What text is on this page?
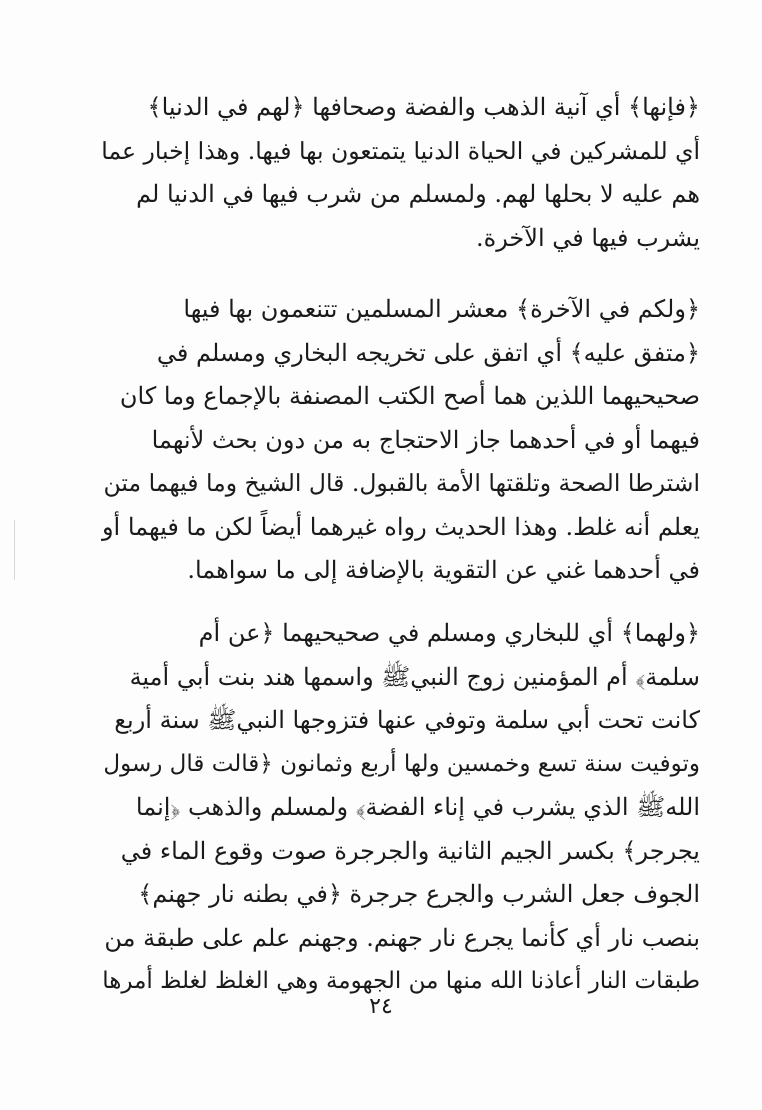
﴿فإنها﴾ أي آنية الذهب والفضة وصحافها ﴿لهم في الدنيا﴾
أي للمشركين في الحياة الدنيا يتمتعون بها فيها. وهذا إخبار عما
هم عليه لا بحلها لهم. ولمسلم من شرب فيها في الدنيا لم
يشرب فيها في الآخرة.
﴿ولكم في الآخرة﴾ معشر المسلمين تتنعمون بها فيها
﴿متفق عليه﴾ أي اتفق على تخريجه البخاري ومسلم في
صحيحيهما اللذين هما أصح الكتب المصنفة بالإجماع وما كان
فيهما أو في أحدهما جاز الاحتجاج به من دون بحث لأنهما
اشترطا الصحة وتلقتها الأمة بالقبول. قال الشيخ وما فيهما متن
يعلم أنه غلط. وهذا الحديث رواه غيرهما أيضاً لكن ما فيهما أو
في أحدهما غني عن التقوية بالإضافة إلى ما سواهما.
﴿ولهما﴾ أي للبخاري ومسلم في صحيحيهما ﴿عن أم
سلمة﴾ أم المؤمنين زوج النبيﷺ واسمها هند بنت أبي أمية
كانت تحت أبي سلمة وتوفي عنها فتزوجها النبيﷺ سنة أربع
وتوفيت سنة تسع وخمسين ولها أربع وثمانون ﴿قالت قال رسول
اللهﷺ الذي يشرب في إناء الفضة﴾ ولمسلم والذهب ﴿إنما
يجرجر﴾ بكسر الجيم الثانية والجرجرة صوت وقوع الماء في
الجوف جعل الشرب والجرع جرجرة ﴿في بطنه نار جهنم﴾
بنصب نار أي كأنما يجرع نار جهنم. وجهنم علم على طبقة من
طبقات النار أعاذنا الله منها من الجهومة وهي الغلظ لغلظ أمرها
٢٤
